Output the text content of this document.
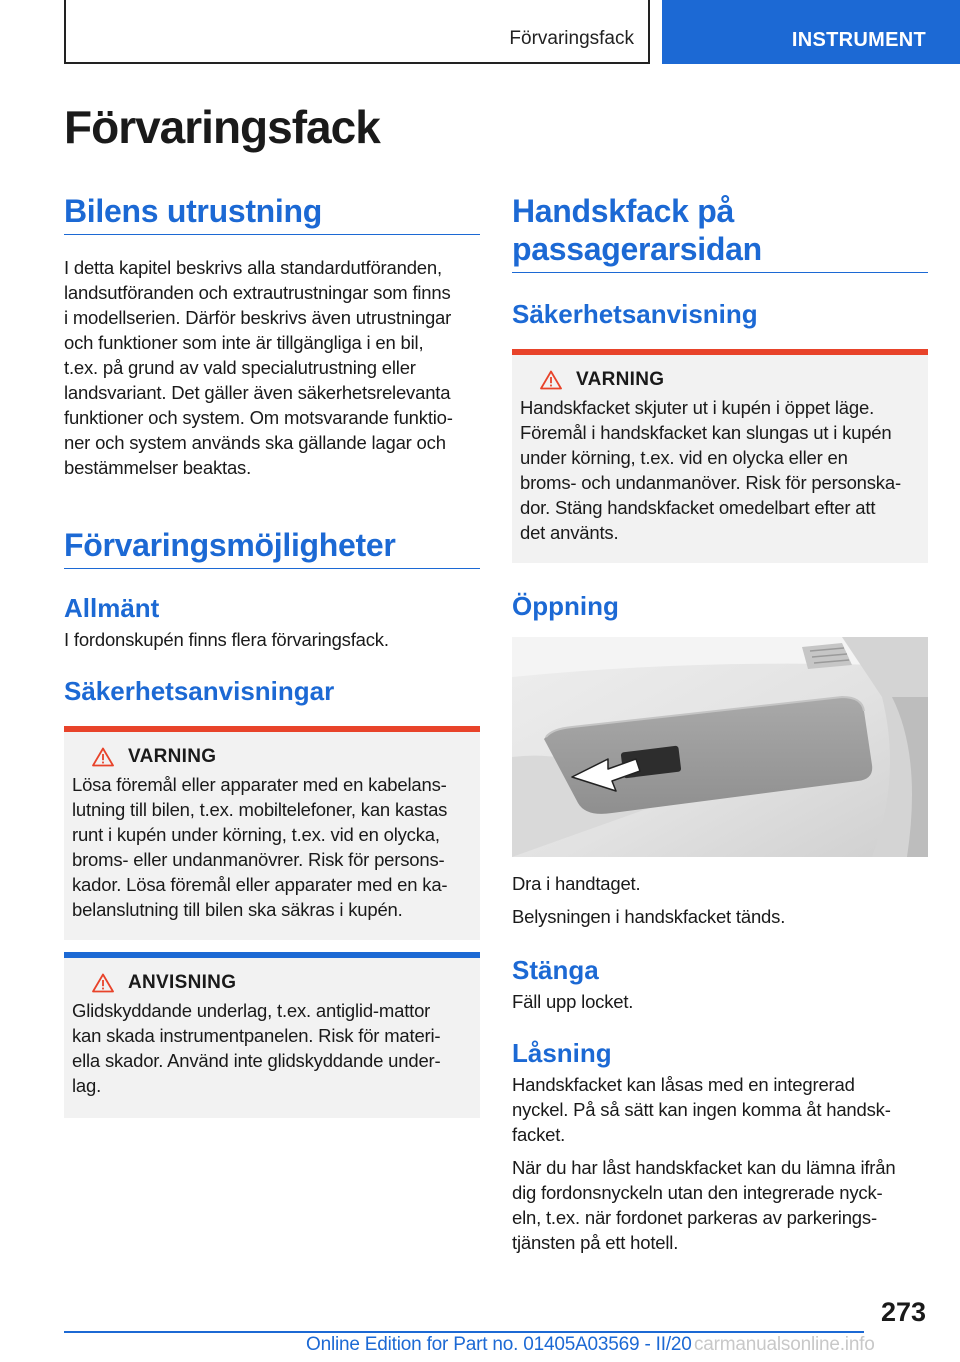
Förvaringsfack	INSTRUMENT
Förvaringsfack
Bilens utrustning

I detta kapitel beskrivs alla standardutföranden,
landsutföranden och extrautrustningar som finns
i modellserien. Därför beskrivs även utrustningar
och funktioner som inte är tillgängliga i en bil,
t.ex. på grund av vald specialutrustning eller
landsvariant. Det gäller även säkerhetsrelevanta
funktioner och system. Om motsvarande funktio-
ner och system används ska gällande lagar och
bestämmelser beaktas.

Förvaringsmöjligheter
Allmänt

I fordonskupén finns flera förvaringsfack.

Säkerhetsanvisningar
VARNING

Lösa föremål eller apparater med en kabelans-
lutning till bilen, t.ex. mobiltelefoner, kan kastas
runt i kupén under körning, t.ex. vid en olycka,
broms- eller undanmanövrer. Risk för persons-
kador. Lösa föremål eller apparater med en ka-
belanslutning till bilen ska säkras i kupén.

ANVISNING

Glidskyddande underlag, t.ex. antiglid-mattor
kan skada instrumentpanelen. Risk för materi-
ella skador. Använd inte glidskyddande under-
lag.

Handskfack på
passagerarsidan
Säkerhetsanvisning
VARNING

Handskfacket skjuter ut i kupén i öppet läge.
Föremål i handskfacket kan slungas ut i kupén
under körning, t.ex. vid en olycka eller en
broms- och undanmanöver. Risk för personska-
dor. Stäng handskfacket omedelbart efter att
det använts.

Öppning

Dra i handtaget.

Belysningen i handskfacket tänds.

Stänga

Fäll upp locket.

Låsning

Handskfacket kan låsas med en integrerad
nyckel. På så sätt kan ingen komma åt handsk-
facket.

När du har låst handskfacket kan du lämna ifrån
dig fordonsnyckeln utan den integrerade nyck-
eln, t.ex. när fordonet parkeras av parkerings-
tjänsten på ett hotell.

273
Online Edition for Part no. 01405A03569 - II/20 carmanualsonline.info
